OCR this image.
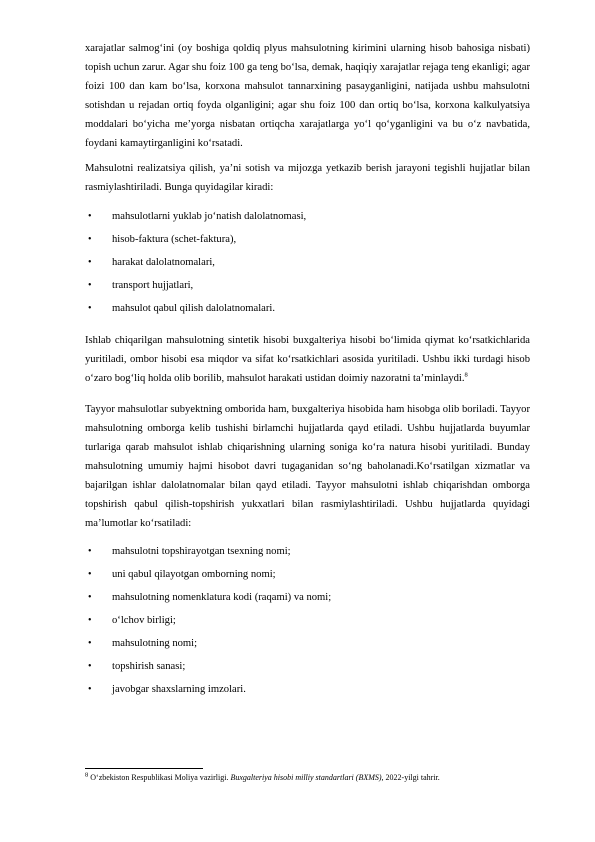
xarajatlar salmog‘ini (oy boshiga qoldiq plyus mahsulotning kirimini ularning hisob bahosiga nisbati) topish uchun zarur. Agar shu foiz 100 ga teng bo‘lsa, demak, haqiqiy xarajatlar rejaga teng ekanligi; agar foizi 100 dan kam bo‘lsa, korxona mahsulot tannarxining pasayganligini, natijada ushbu mahsulotni sotishdan u rejadan ortiq foyda olganligini; agar shu foiz 100 dan ortiq bo‘lsa, korxona kalkulyatsiya moddalari bo‘yicha me’yorga nisbatan ortiqcha xarajatlarga yo‘l qo‘yganligini va bu o‘z navbatida, foydani kamaytirganligini ko‘rsatadi.

Mahsulotni realizatsiya qilish, ya’ni sotish va mijozga yetkazib berish jarayoni tegishli hujjatlar bilan rasmiylashtiriladi. Bunga quyidagilar kiradi:

• mahsulotlarni yuklab jo‘natish dalolatnomasi,
• hisob-faktura (schet-faktura),
• harakat dalolatnomalari,
• transport hujjatlari,
• mahsulot qabul qilish dalolatnomalari.

Ishlab chiqarilgan mahsulotning sintetik hisobi buxgalteriya hisobi bo‘limida qiymat ko‘rsatkichlarida yuritiladi, ombor hisobi esa miqdor va sifat ko‘rsatkichlari asosida yuritiladi. Ushbu ikki turdagi hisob o‘zaro bog‘liq holda olib borilib, mahsulot harakati ustidan doimiy nazoratni ta’minlaydi.$^8$

Tayyor mahsulotlar subyektning omborida ham, buxgalteriya hisobida ham hisobga olib boriladi. Tayyor mahsulotning omborga kelib tushishi birlamchi hujjatlarda qayd etiladi. Ushbu hujjatlarda buyumlar turlariga qarab mahsulot ishlab chiqarishning ularning soniga ko‘ra natura hisobi yuritiladi. Bunday mahsulotning umumiy hajmi hisobot davri tugaganidan so‘ng baholanadi.Ko‘rsatilgan xizmatlar va bajarilgan ishlar dalolatnomalar bilan qayd etiladi. Tayyor mahsulotni ishlab chiqarishdan omborga topshirish qabul qilish-topshirish yukxatlari bilan rasmiylashtiriladi. Ushbu hujjatlarda quyidagi ma’lumotlar ko‘rsatiladi:

• mahsulotni topshirayotgan tsexning nomi;
• uni qabul qilayotgan omborning nomi;
• mahsulotning nomenklatura kodi (raqami) va nomi;
• o‘lchov birligi;
• mahsulotning nomi;
• topshirish sanasi;
• javobgar shaxslarning imzolari.
$^8$ O‘zbekiston Respublikasi Moliya vazirligi. Buxgalteriya hisobi milliy standartlari (BXMS), 2022-yilgi tahrir.
